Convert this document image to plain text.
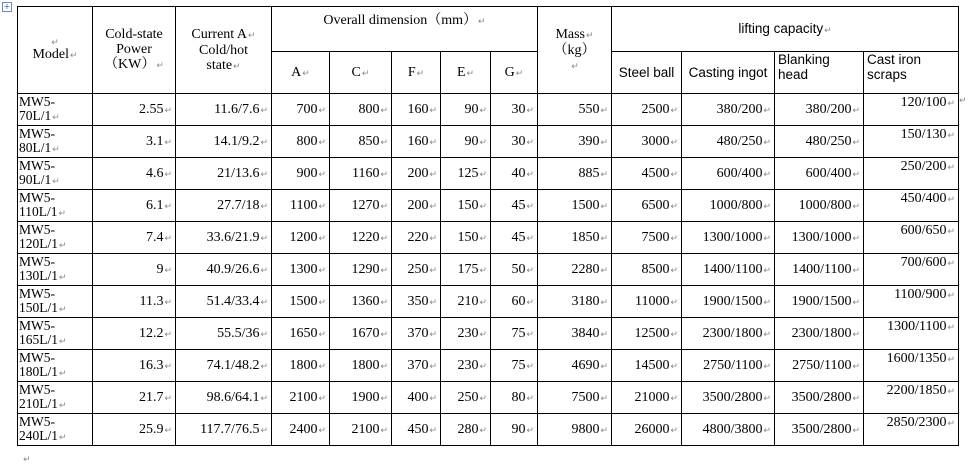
+
↵
Model↵	Cold-state
Power
（KW）↵	Current A↵
Cold/hot
state↵	Overall dimension（mm）↵					Mass↵
（kg）
↵	lifting capacity↵			
			A↵	C↵	F↵	E↵	G↵		Steel ball	Casting ingot	Blanking head	Cast iron scraps
MW5-
70L/1↵	2.55↵	11.6/7.6↵	700↵	800↵	160↵	90↵	30↵	550↵	2500↵	380/200↵	380/200↵	120/100↵
MW5-
80L/1↵	3.1↵	14.1/9.2↵	800↵	850↵	160↵	90↵	30↵	390↵	3000↵	480/250↵	480/250↵	150/130↵
MW5-
90L/1↵	4.6↵	21/13.6↵	900↵	1160↵	200↵	125↵	40↵	885↵	4500↵	600/400↵	600/400↵	250/200↵
MW5-
110L/1↵	6.1↵	27.7/18↵	1100↵	1270↵	200↵	150↵	45↵	1500↵	6500↵	1000/800↵	1000/800↵	450/400↵
MW5-
120L/1↵	7.4↵	33.6/21.9↵	1200↵	1220↵	220↵	150↵	45↵	1850↵	7500↵	1300/1000↵	1300/1000↵	600/650↵
MW5-
130L/1↵	9↵	40.9/26.6↵	1300↵	1290↵	250↵	175↵	50↵	2280↵	8500↵	1400/1100↵	1400/1100↵	700/600↵
MW5-
150L/1↵	11.3↵	51.4/33.4↵	1500↵	1360↵	350↵	210↵	60↵	3180↵	11000↵	1900/1500↵	1900/1500↵	1100/900↵
MW5-
165L/1↵	12.2↵	55.5/36↵	1650↵	1670↵	370↵	230↵	75↵	3840↵	12500↵	2300/1800↵	2300/1800↵	1300/1100↵
MW5-
180L/1↵	16.3↵	74.1/48.2↵	1800↵	1800↵	370↵	230↵	75↵	4690↵	14500↵	2750/1100↵	2750/1100↵	1600/1350↵
MW5-
210L/1↵	21.7↵	98.6/64.1↵	2100↵	1900↵	400↵	250↵	80↵	7500↵	21000↵	3500/2800↵	3500/2800↵	2200/1850↵
MW5-
240L/1↵	25.9↵	117.7/76.5↵	2400↵	2100↵	450↵	280↵	90↵	9800↵	26000↵	4800/3800↵	3500/2800↵	2850/2300↵
↵
↵
